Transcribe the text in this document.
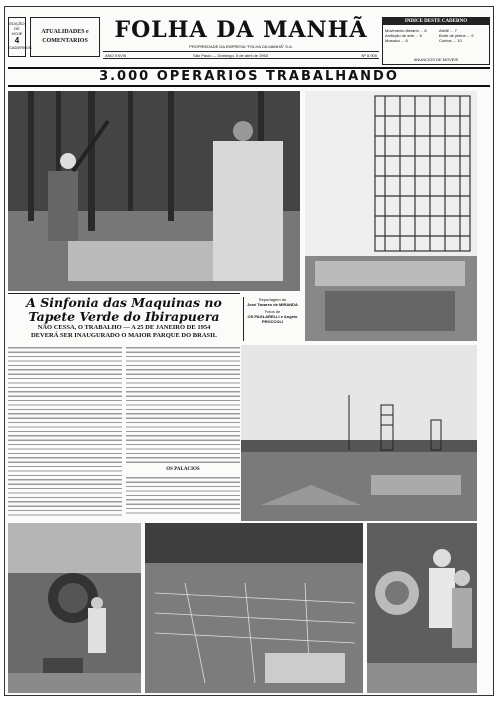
EDIÇÃO
DE
HOJE
4
CADERNOS
ATUALIDADES e COMENTARIOS	FOLHA DA MANHÃ
PROPRIEDADE DA EMPRESA “FOLHA DA MANHÃ” S.A.
ANO XXVIII	São Paulo — Domingo, 5 de abril de 1953	Nº 8.905
INDICE DESTE CADERNO
Movimento literario ... 8
Ambição de arte ... 6
Mosaico ... 6
Ateliê ... 7
Boîte de pleine ... 9
Contos ... 10
ANUNCIOS DE MOVEIS
3.000 OPERARIOS TRABALHANDO
A Sinfonia das Maquinas no
Tapete Verde do Ibirapuera
NÃO CESSA, O TRABALHO — A 25 DE JANEIRO DE 1954
DEVERÁ SER INAUGURADO O MAIOR PARQUE DO BRASIL
Reportagem de
José Tavares de MIRANDA
Fotos de
OS PAGLARELLI e Angelo PROCCOLI
OS PALACIOS
